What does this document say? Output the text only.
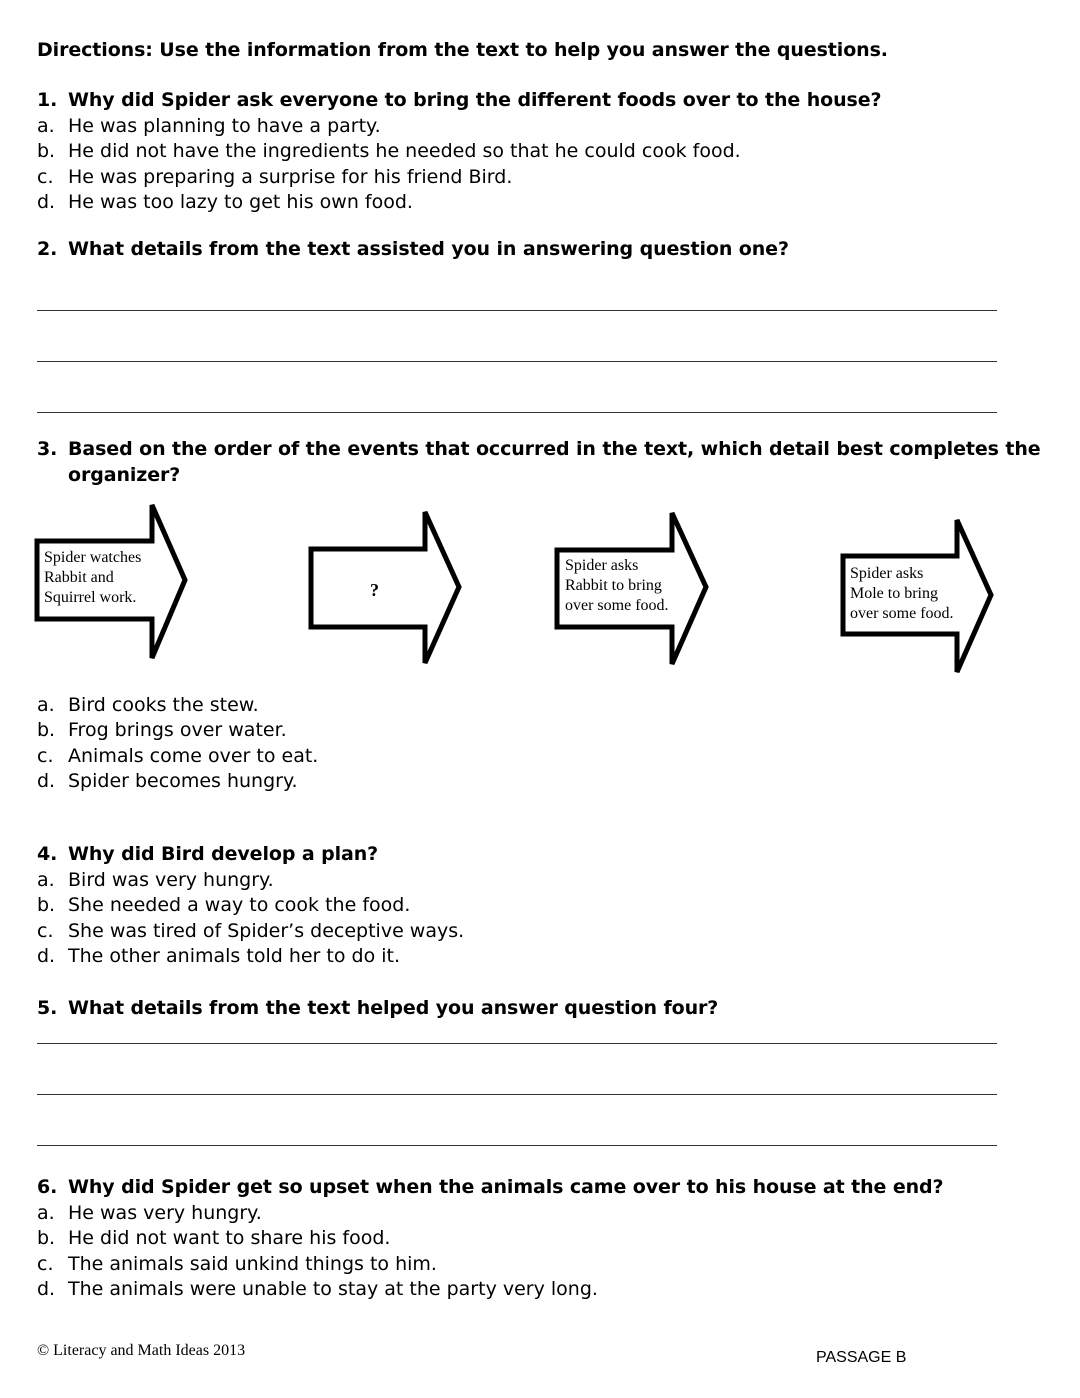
Directions: Use the information from the text to help you answer the questions.
1. Why did Spider ask everyone to bring the different foods over to the house?
a. He was planning to have a party.
b. He did not have the ingredients he needed so that he could cook food.
c. He was preparing a surprise for his friend Bird.
d. He was too lazy to get his own food.
2. What details from the text assisted you in answering question one?
3. Based on the order of the events that occurred in the text, which detail best completes the
organizer?
Spider watches
Rabbit and
Squirrel work.	?
Spider asks
Rabbit to bring
over some food.
Spider asks
Mole to bring
over some food.
a. Bird cooks the stew.
b. Frog brings over water.
c. Animals come over to eat.
d. Spider becomes hungry.
4. Why did Bird develop a plan?
a. Bird was very hungry.
b. She needed a way to cook the food.
c. She was tired of Spider’s deceptive ways.
d. The other animals told her to do it.
5. What details from the text helped you answer question four?
6. Why did Spider get so upset when the animals came over to his house at the end?
a. He was very hungry.
b. He did not want to share his food.
c. The animals said unkind things to him.
d. The animals were unable to stay at the party very long.
© Literacy and Math Ideas 2013	PASSAGE B
